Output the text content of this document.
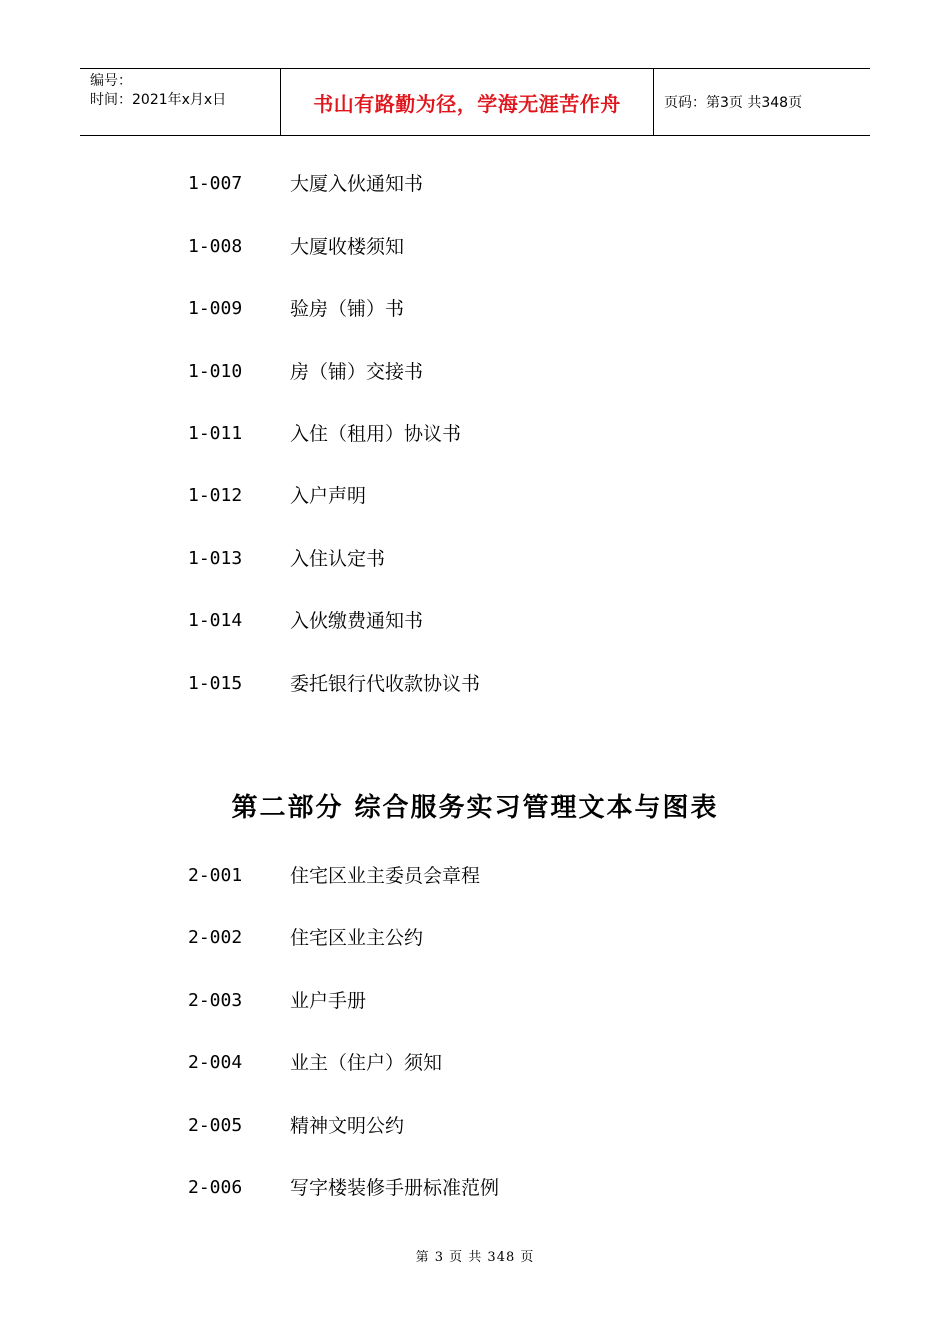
编号：
时间：2021年x月x日	书山有路勤为径，学海无涯苦作舟	页码：第3页 共348页
1-007	大厦入伙通知书
1-008	大厦收楼须知
1-009	验房（铺）书
1-010	房（铺）交接书
1-011	入住（租用）协议书
1-012	入户声明
1-013	入住认定书
1-014	入伙缴费通知书
1-015	委托银行代收款协议书
第二部分 综合服务实习管理文本与图表
2-001	住宅区业主委员会章程
2-002	住宅区业主公约
2-003	业户手册
2-004	业主（住户）须知
2-005	精神文明公约
2-006	写字楼装修手册标准范例
第 3 页 共 348 页
